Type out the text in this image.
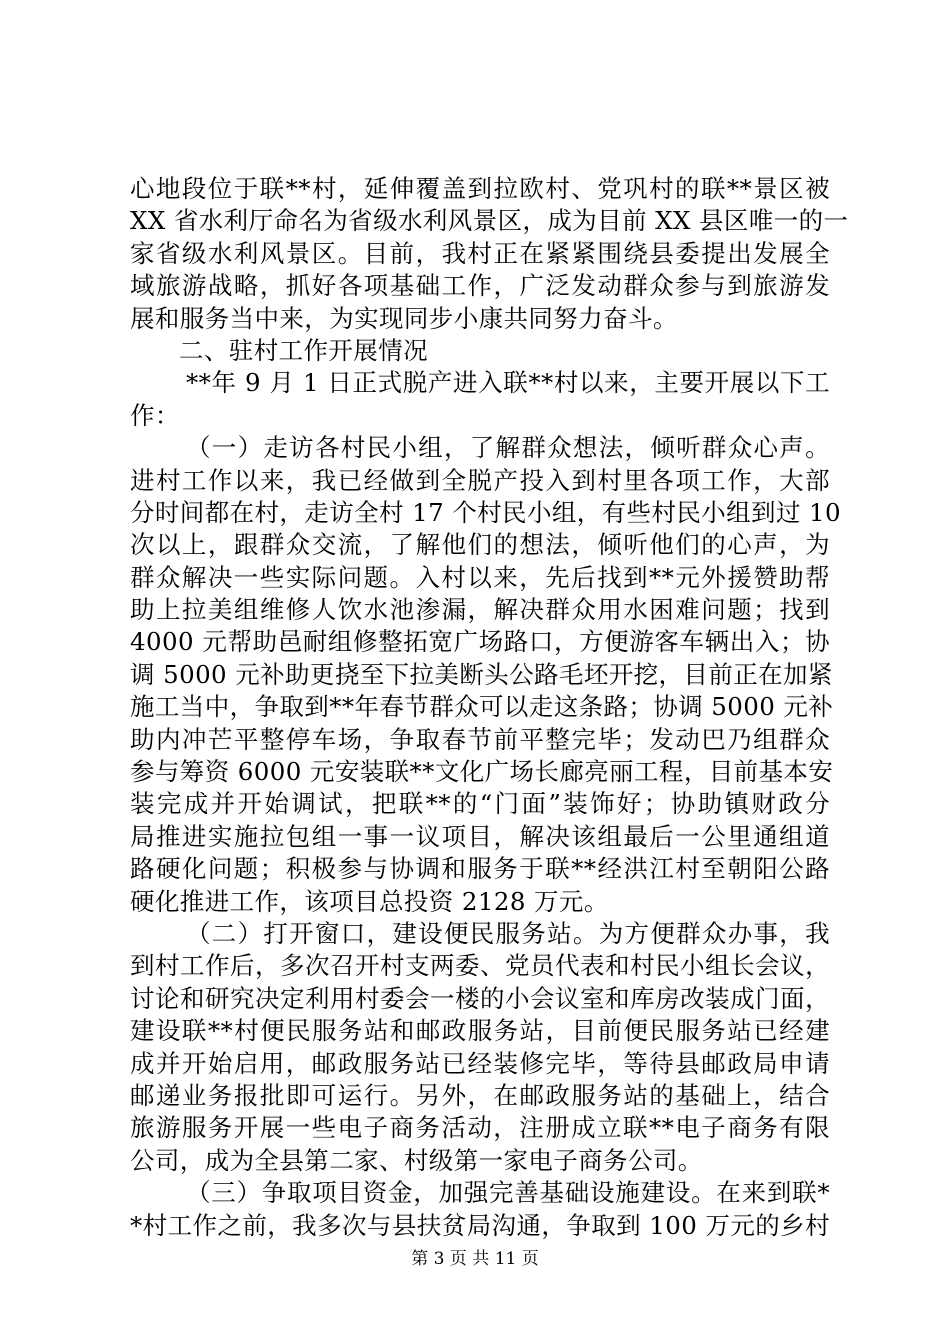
心地段位于联**村，延伸覆盖到拉欧村、党巩村的联**景区被
XX 省水利厅命名为省级水利风景区，成为目前 XX 县区唯一的一
家省级水利风景区。目前，我村正在紧紧围绕县委提出发展全
域旅游战略，抓好各项基础工作，广泛发动群众参与到旅游发
展和服务当中来，为实现同步小康共同努力奋斗。
二、驻村工作开展情况
**年 9 月 1 日正式脱产进入联**村以来，主要开展以下工
作：
（一）走访各村民小组，了解群众想法，倾听群众心声。
进村工作以来，我已经做到全脱产投入到村里各项工作，大部
分时间都在村，走访全村 17 个村民小组，有些村民小组到过 10
次以上，跟群众交流，了解他们的想法，倾听他们的心声，为
群众解决一些实际问题。入村以来，先后找到**元外援赞助帮
助上拉美组维修人饮水池渗漏，解决群众用水困难问题；找到
4000 元帮助邑耐组修整拓宽广场路口，方便游客车辆出入；协
调 5000 元补助更挠至下拉美断头公路毛坯开挖，目前正在加紧
施工当中，争取到**年春节群众可以走这条路；协调 5000 元补
助内冲芒平整停车场，争取春节前平整完毕；发动巴乃组群众
参与筹资 6000 元安装联**文化广场长廊亮丽工程，目前基本安
装完成并开始调试，把联**的“门面”装饰好；协助镇财政分
局推进实施拉包组一事一议项目，解决该组最后一公里通组道
路硬化问题；积极参与协调和服务于联**经洪江村至朝阳公路
硬化推进工作，该项目总投资 2128 万元。
（二）打开窗口，建设便民服务站。为方便群众办事，我
到村工作后，多次召开村支两委、党员代表和村民小组长会议，
讨论和研究决定利用村委会一楼的小会议室和库房改装成门面，
建设联**村便民服务站和邮政服务站，目前便民服务站已经建
成并开始启用，邮政服务站已经装修完毕，等待县邮政局申请
邮递业务报批即可运行。另外，在邮政服务站的基础上，结合
旅游服务开展一些电子商务活动，注册成立联**电子商务有限
公司，成为全县第二家、村级第一家电子商务公司。
（三）争取项目资金，加强完善基础设施建设。在来到联*
*村工作之前，我多次与县扶贫局沟通，争取到 100 万元的乡村
第 3 页 共 11 页
